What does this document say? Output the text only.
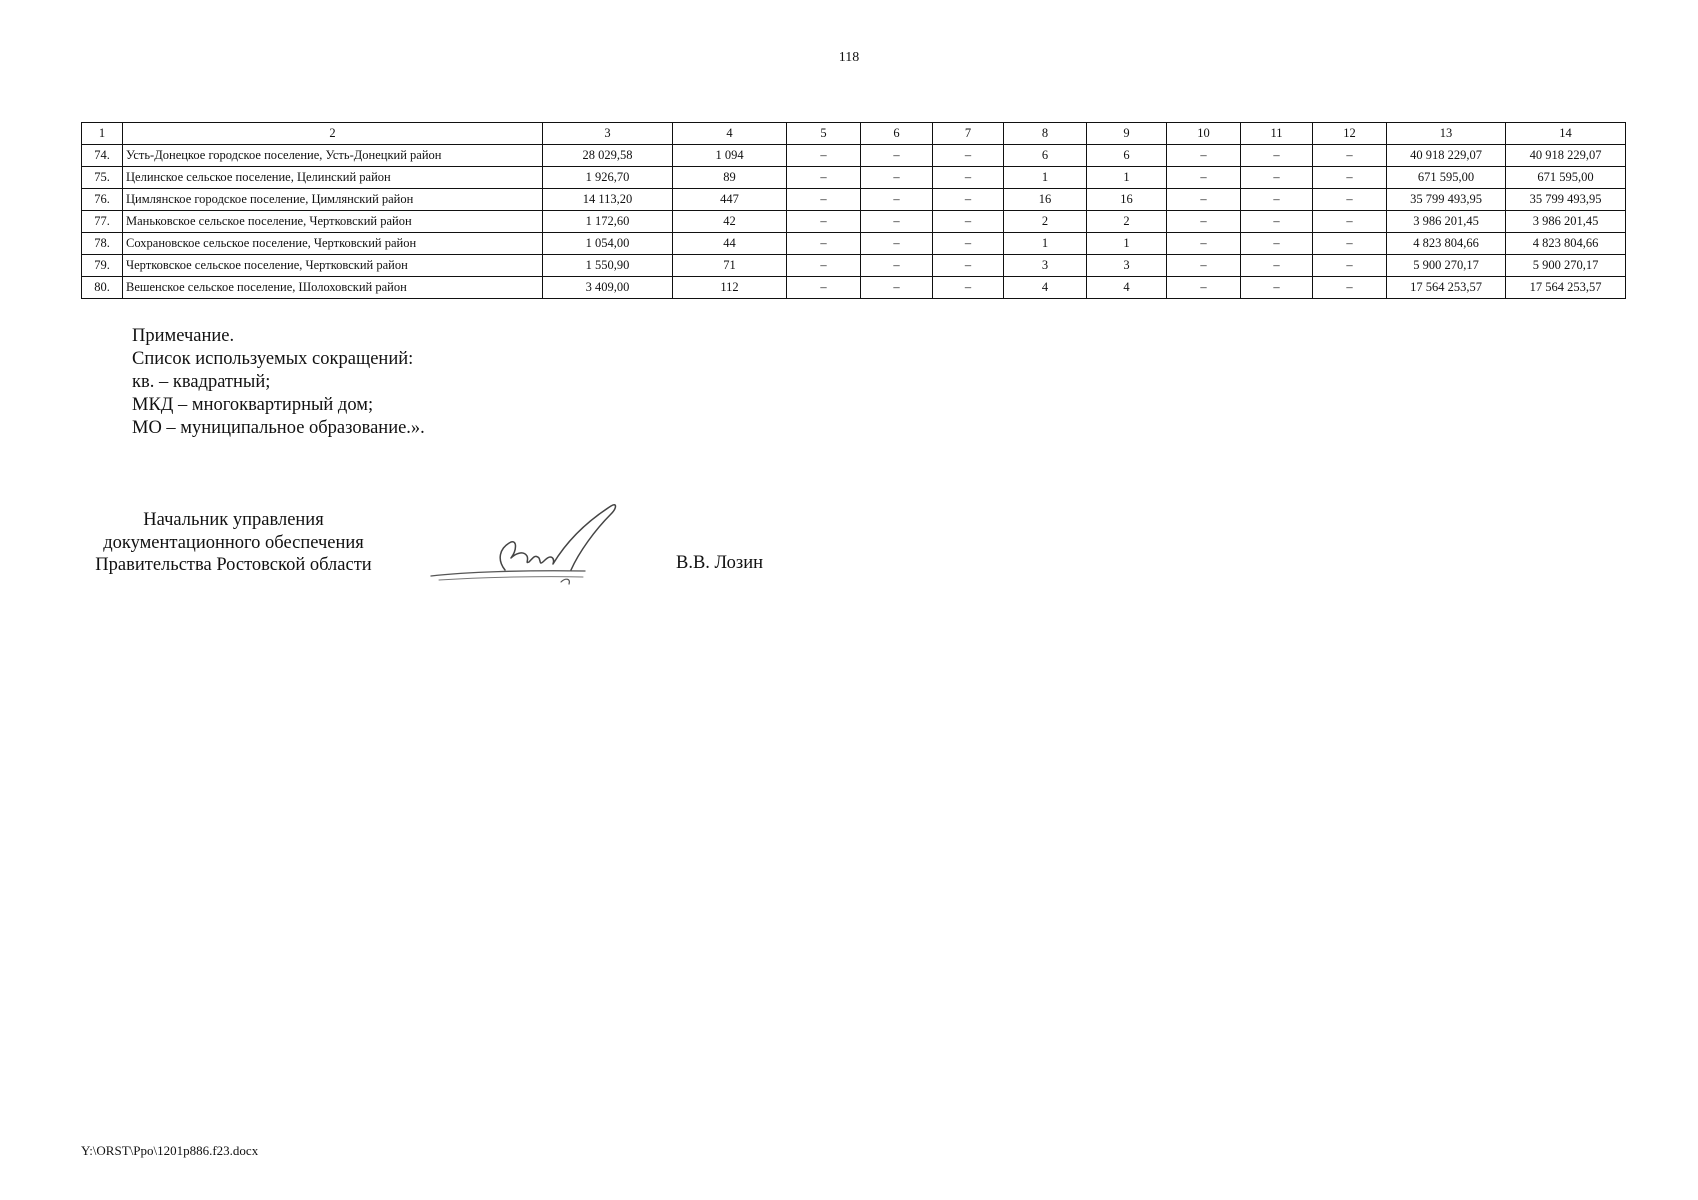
118
1	2	3	4	5	6	7	8	9	10	11	12	13	14
74.	Усть-Донецкое городское поселение, Усть-Донецкий район	28 029,58	1 094	–	–	–	6	6	–	–	–	40 918 229,07	40 918 229,07
75.	Целинское сельское поселение, Целинский район	1 926,70	89	–	–	–	1	1	–	–	–	671 595,00	671 595,00
76.	Цимлянское городское поселение, Цимлянский район	14 113,20	447	–	–	–	16	16	–	–	–	35 799 493,95	35 799 493,95
77.	Маньковское сельское поселение, Чертковский район	1 172,60	42	–	–	–	2	2	–	–	–	3 986 201,45	3 986 201,45
78.	Сохрановское сельское поселение, Чертковский район	1 054,00	44	–	–	–	1	1	–	–	–	4 823 804,66	4 823 804,66
79.	Чертковское сельское поселение, Чертковский район	1 550,90	71	–	–	–	3	3	–	–	–	5 900 270,17	5 900 270,17
80.	Вешенское сельское поселение, Шолоховский район	3 409,00	112	–	–	–	4	4	–	–	–	17 564 253,57	17 564 253,57
Примечание.
Список используемых сокращений:
кв. – квадратный;
МКД – многоквартирный дом;
МО – муниципальное образование.».
Начальник управления
документационного обеспечения
Правительства Ростовской области	В.В. Лозин
Y:\ORST\Ppo\1201p886.f23.docx
